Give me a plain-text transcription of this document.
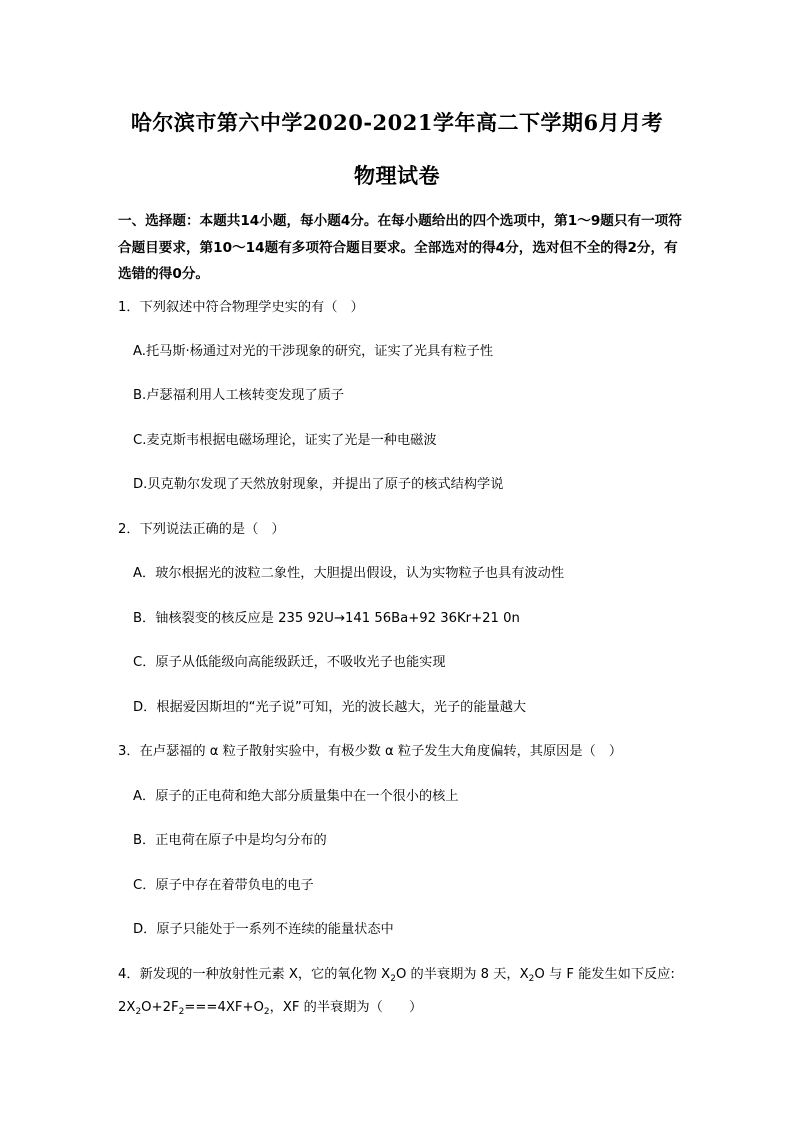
哈尔滨市第六中学2020-2021学年高二下学期6月月考
物理试卷
一、选择题：本题共14小题，每小题4分。在每小题给出的四个选项中，第1～9题只有一项符合题目要求，第10～14题有多项符合题目要求。全部选对的得4分，选对但不全的得2分，有选错的得0分。
1．下列叙述中符合物理学史实的有（　）
A.托马斯·杨通过对光的干涉现象的研究，证实了光具有粒子性
B.卢瑟福利用人工核转变发现了质子
C.麦克斯韦根据电磁场理论，证实了光是一种电磁波
D.贝克勒尔发现了天然放射现象，并提出了原子的核式结构学说
2．下列说法正确的是（　）
A．玻尔根据光的波粒二象性，大胆提出假设，认为实物粒子也具有波动性
B．铀核裂变的核反应是 235 92U→141 56Ba+92 36Kr+21 0n
C．原子从低能级向高能级跃迁，不吸收光子也能实现
D．根据爱因斯坦的“光子说”可知，光的波长越大，光子的能量越大
3．在卢瑟福的 α 粒子散射实验中，有极少数 α 粒子发生大角度偏转，其原因是（　）
A．原子的正电荷和绝大部分质量集中在一个很小的核上
B．正电荷在原子中是均匀分布的
C．原子中存在着带负电的电子
D．原子只能处于一系列不连续的能量状态中
4．新发现的一种放射性元素 X，它的氧化物 $X_2O$ 的半衰期为 8 天，$X_2O$ 与 F 能发生如下反应:
$2X_2O+2F_2===4XF+O_2$，XF 的半衰期为（　　）
